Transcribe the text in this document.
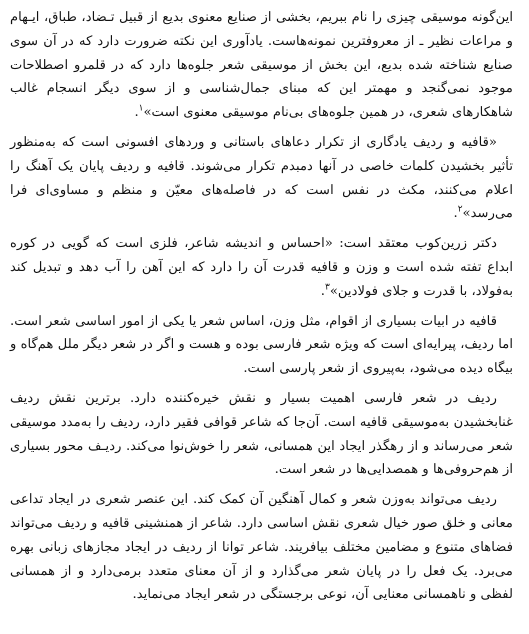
این‌گونه موسیقی چیزی را نام ببریم، بخشی از صنایع معنوی بدیع از قبیل تـضاد، طباق، ایـهام و مراعات نظیر ـ از معروفترین نمونه‌هاست. یادآوری این نکته ضرورت دارد که در آن سوی صنایع شناخته شده بدیع، این بخش از موسیقی شعر جلوه‌ها دارد که در قلمرو اصطلاحات موجود نمی‌گنجد و مهمتر این که مبنای جمال‌شناسی و از سوی دیگر انسجام غالب شاهکارهای شعری، در همین جلوه‌های بی‌نام موسیقی معنوی است»$^۱$.

«قافیه و ردیف یادگاری از تکرار دعاهای باستانی و وردهای افسونی است که به‌منظور تأثیر بخشیدن کلمات خاصی در آنها دمبدم تکرار می‌شوند. قافیه و ردیف پایان یک آهنگ را اعلام می‌کنند، مکث در نفس است که در فاصله‌های معیّن و منظم و مساوی‌ای فرا می‌رسد»$^۲$.

دکتر زرین‌کوب معتقد است: «احساس و اندیشه شاعر، فلزی است که گویی در کوره ابداع تفته شده است و وزن و قافیه قدرت آن را دارد که این آهن را آب دهد و تبدیل کند به‌فولاد، با قدرت و جلای فولادین»$^۳$.

قافیه در ابیات بسیاری از اقوام، مثل وزن، اساس شعر یا یکی از امور اساسی شعر است. اما ردیف، پیرایه‌ای است که ویژه شعر فارسی بوده و هست و اگر در شعر دیگر ملل هم‌گاه و بیگاه دیده می‌شود، به‌پیروی از شعر پارسی است.

ردیف در شعر فارسی اهمیت بسیار و نقش خیره‌کننده دارد. برترین نقش ردیف غنابخشیدن به‌موسیقی قافیه است. آن‌جا که شاعر قوافی فقیر دارد، ردیف را به‌مدد موسیقی شعر می‌رساند و از رهگذر ایجاد این همسانی، شعر را خوش‌نوا می‌کند. ردیـف محور بسیاری از هم‌حروفی‌ها و همصدایی‌ها در شعر است.

ردیف می‌تواند به‌وزن شعر و کمال آهنگین آن کمک کند. این عنصر شعری در ایجاد تداعی معانی و خلق صور خیال شعری نقش اساسی دارد. شاعر از همنشینی قافیه و ردیف می‌تواند فضاهای متنوع و مضامین مختلف بیافریند. شاعر توانا از ردیف در ایجاد مجازهای زبانی بهره می‌برد. یک فعل را در پایان شعر می‌گذارد و از آن معنای متعدد برمی‌دارد و از همسانی لفظی و ناهمسانی معنایی آن، نوعی برجستگی در شعر ایجاد می‌نماید.
